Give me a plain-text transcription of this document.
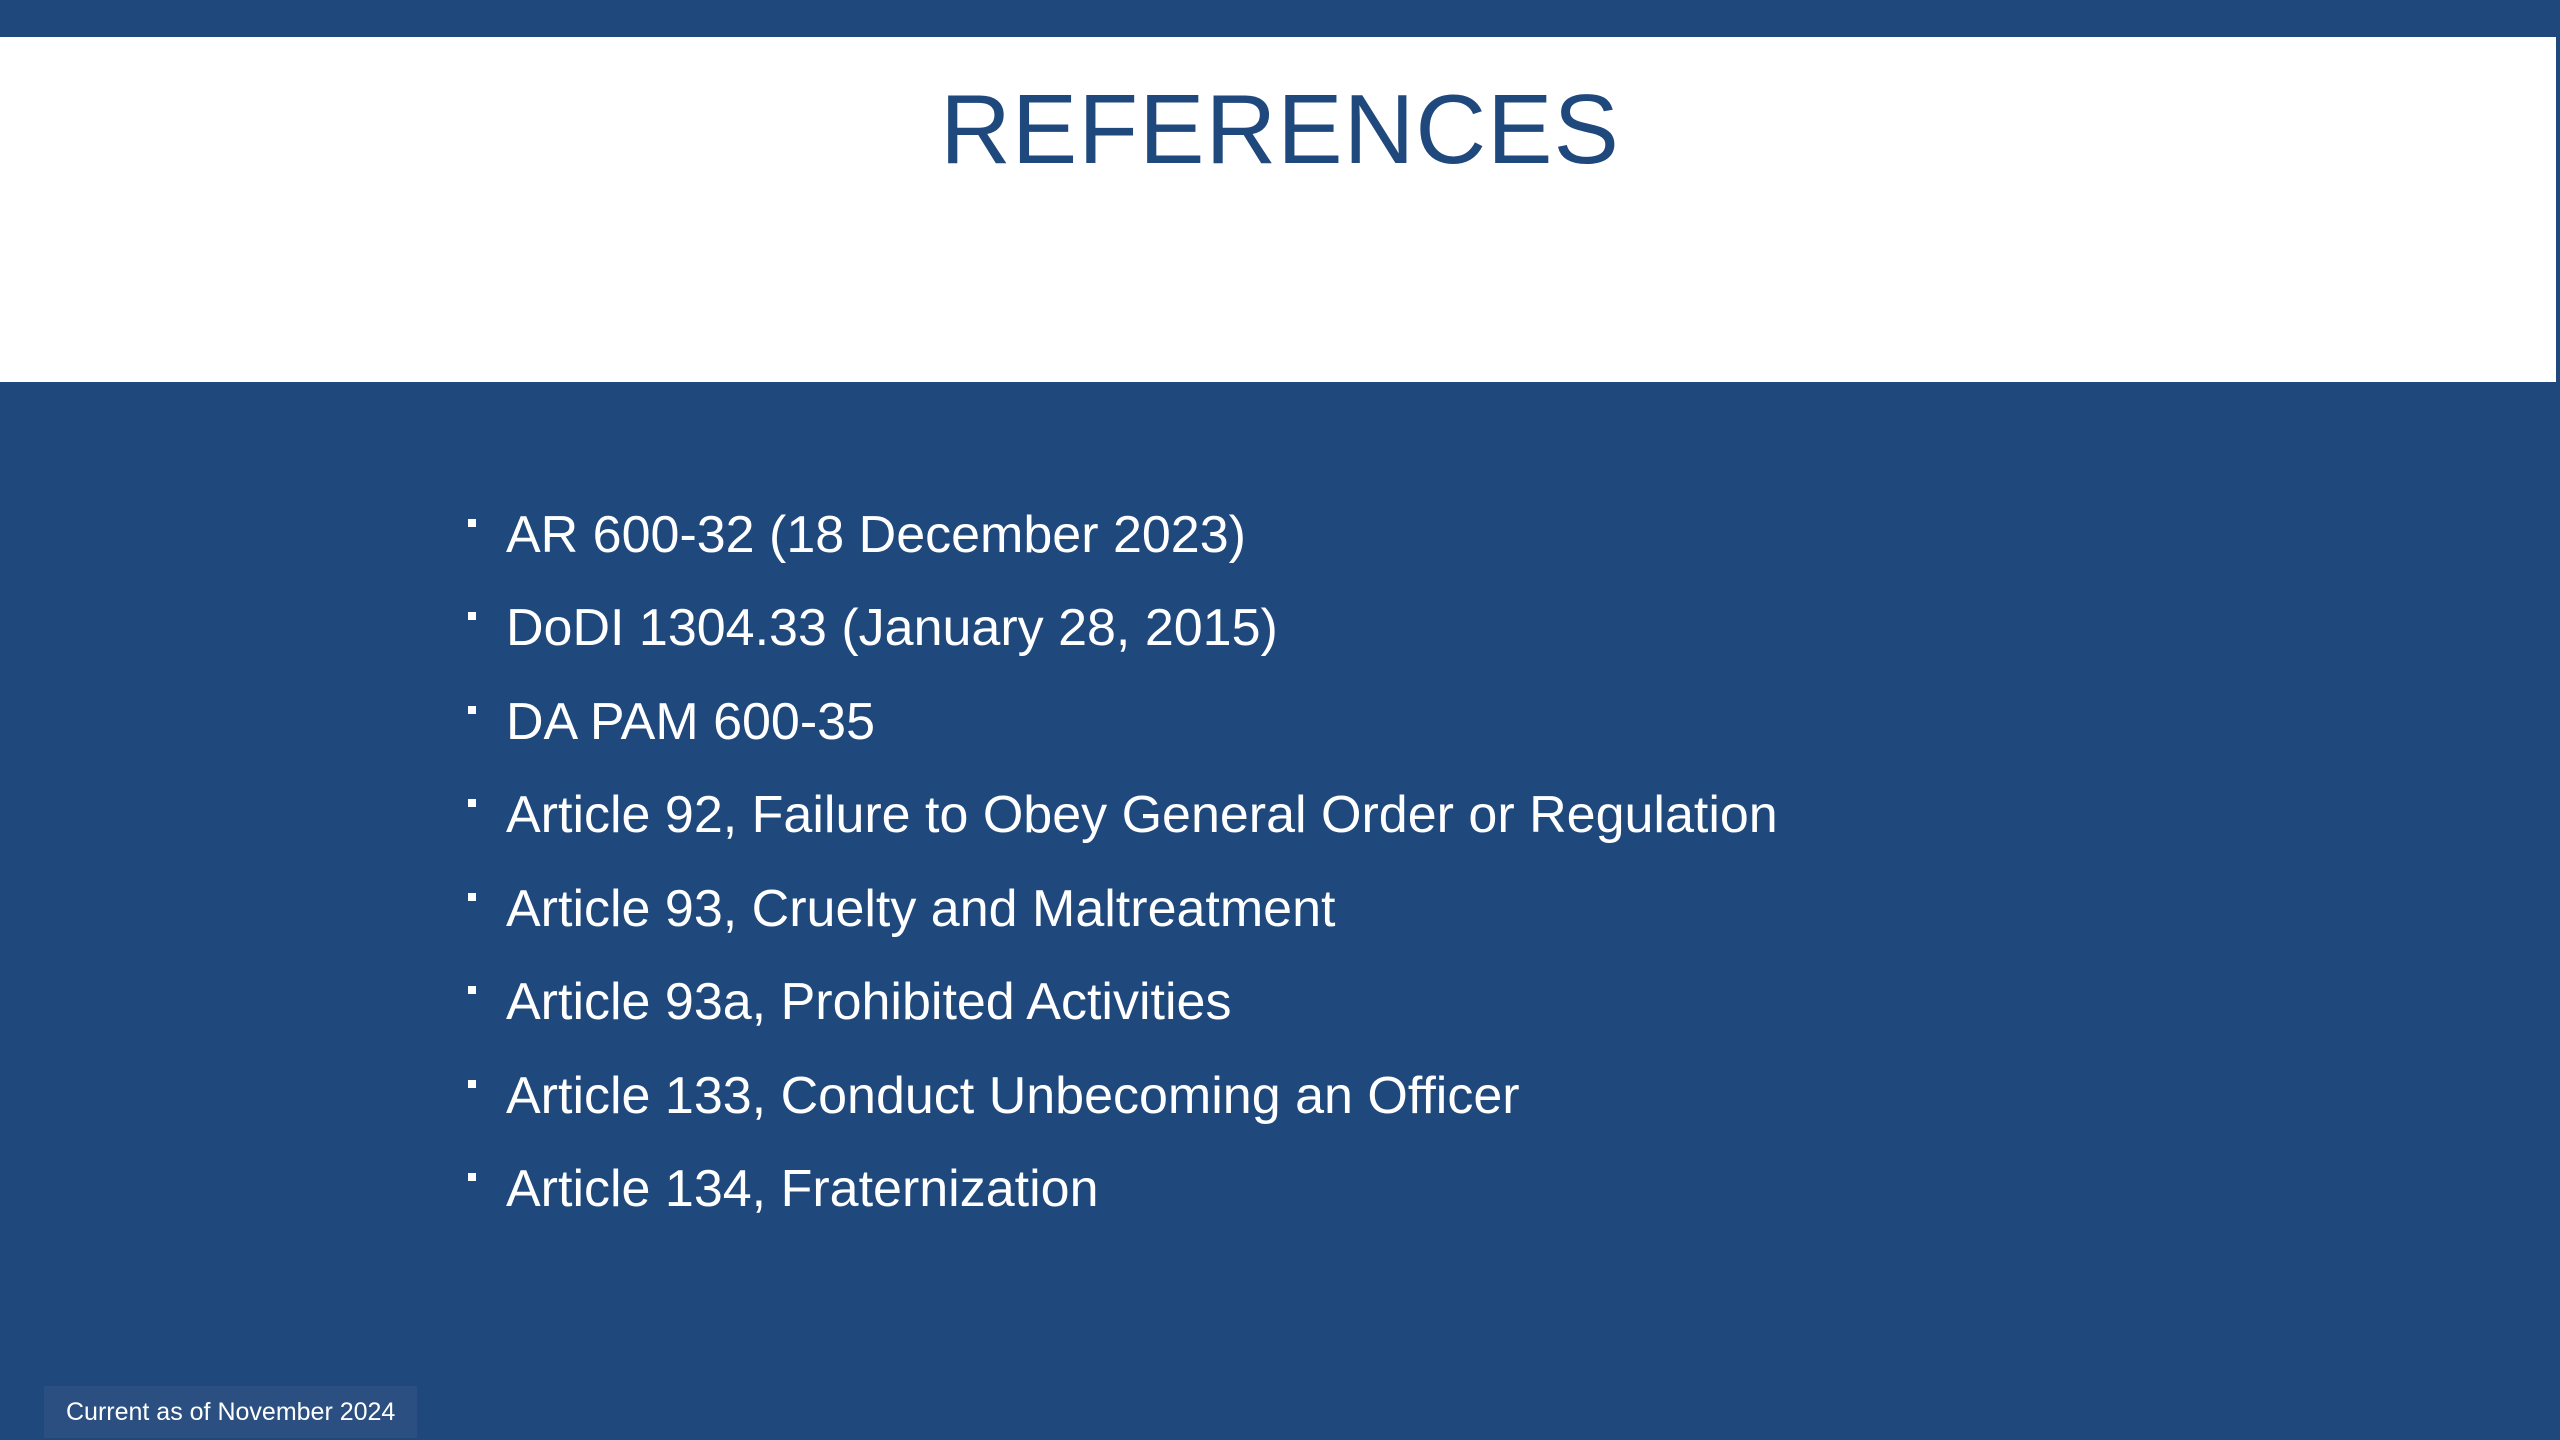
REFERENCES
AR 600-32 (18 December 2023)
DoDI 1304.33 (January 28, 2015)
DA PAM 600-35
Article 92, Failure to Obey General Order or Regulation
Article 93, Cruelty and Maltreatment
Article 93a, Prohibited Activities
Article 133, Conduct Unbecoming an Officer
Article 134, Fraternization
Current as of November 2024
